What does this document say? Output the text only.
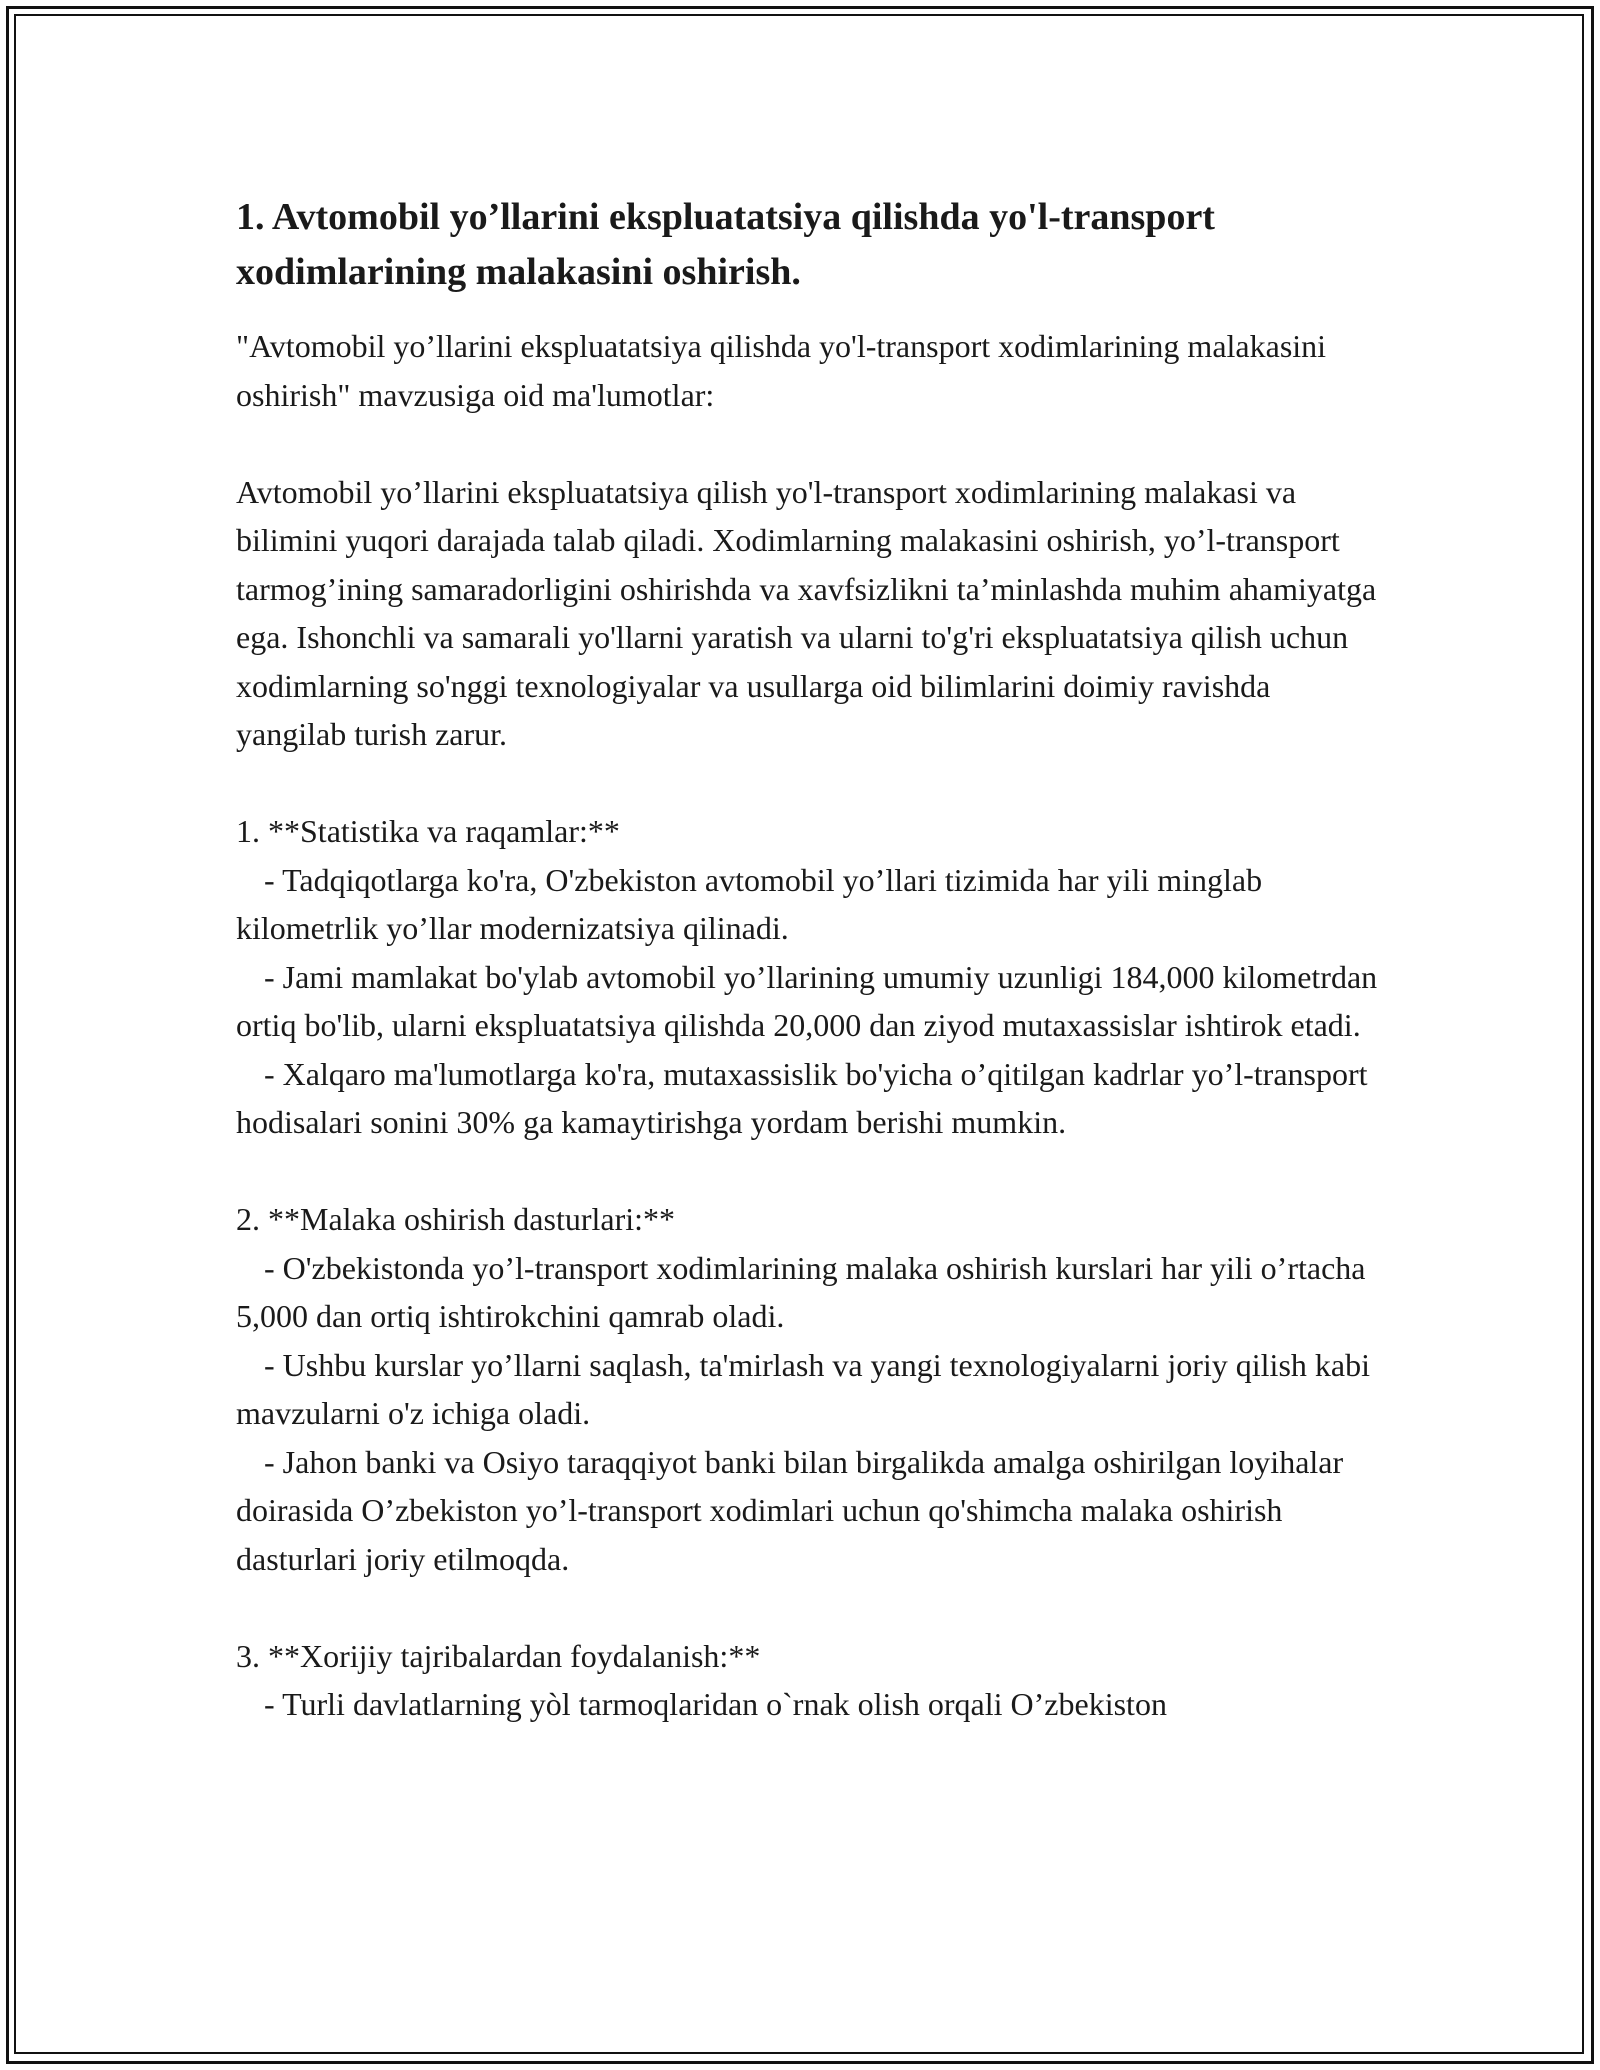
1. Avtomobil yo’llarini ekspluatatsiya qilishda yo'l-transport xodimlarining malakasini oshirish.

"Avtomobil yo’llarini ekspluatatsiya qilishda yo'l-transport xodimlarining malakasini oshirish" mavzusiga oid ma'lumotlar:

Avtomobil yo’llarini ekspluatatsiya qilish yo'l-transport xodimlarining malakasi va bilimini yuqori darajada talab qiladi. Xodimlarning malakasini oshirish, yo’l-transport tarmog’ining samaradorligini oshirishda va xavfsizlikni ta’minlashda muhim ahamiyatga ega. Ishonchli va samarali yo'llarni yaratish va ularni to'g'ri ekspluatatsiya qilish uchun xodimlarning so'nggi texnologiyalar va usullarga oid bilimlarini doimiy ravishda yangilab turish zarur.

1. **Statistika va raqamlar:**

- Tadqiqotlarga ko'ra, O'zbekiston avtomobil yo’llari tizimida har yili minglab kilometrlik yo’llar modernizatsiya qilinadi.

- Jami mamlakat bo'ylab avtomobil yo’llarining umumiy uzunligi 184,000 kilometrdan ortiq bo'lib, ularni ekspluatatsiya qilishda 20,000 dan ziyod mutaxassislar ishtirok etadi.

- Xalqaro ma'lumotlarga ko'ra, mutaxassislik bo'yicha o’qitilgan kadrlar yo’l-transport hodisalari sonini 30% ga kamaytirishga yordam berishi mumkin.

2. **Malaka oshirish dasturlari:**

- O'zbekistonda yo’l-transport xodimlarining malaka oshirish kurslari har yili o’rtacha 5,000 dan ortiq ishtirokchini qamrab oladi.

- Ushbu kurslar yo’llarni saqlash, ta'mirlash va yangi texnologiyalarni joriy qilish kabi mavzularni o'z ichiga oladi.

- Jahon banki va Osiyo taraqqiyot banki bilan birgalikda amalga oshirilgan loyihalar doirasida O’zbekiston yo’l-transport xodimlari uchun qo'shimcha malaka oshirish dasturlari joriy etilmoqda.

3. **Xorijiy tajribalardan foydalanish:**

- Turli davlatlarning yòl tarmoqlaridan o`rnak olish orqali O’zbekiston
